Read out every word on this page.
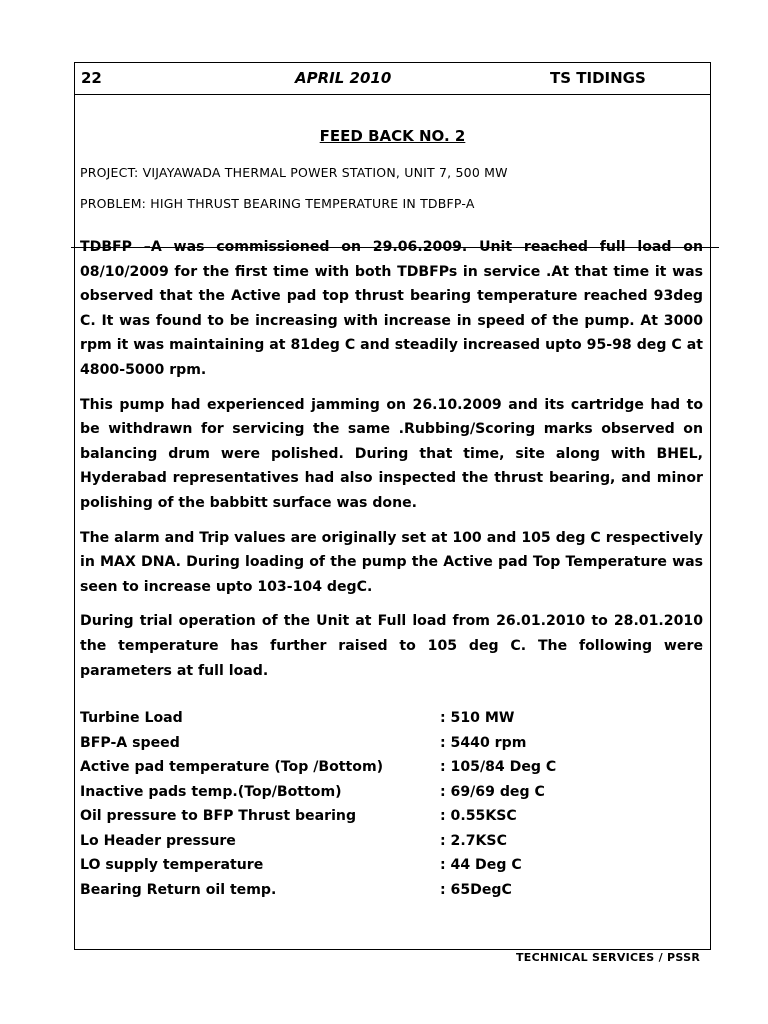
22	APRIL 2010	TS TIDINGS
FEED BACK NO. 2
PROJECT: VIJAYAWADA THERMAL POWER STATION, UNIT 7, 500 MW
PROBLEM: HIGH THRUST BEARING TEMPERATURE IN TDBFP-A

TDBFP –A was commissioned on 29.06.2009. Unit reached full load on 08/10/2009 for the first time with both TDBFPs in service .At that time it was observed that the Active pad top thrust bearing temperature reached 93deg C. It was found to be increasing with increase in speed of the pump. At 3000 rpm it was maintaining at 81deg C and steadily increased upto 95-98 deg C at 4800-5000 rpm.

This pump had experienced jamming on 26.10.2009 and its cartridge had to be withdrawn for servicing the same .Rubbing/Scoring marks observed on balancing drum were polished. During that time, site along with BHEL, Hyderabad representatives had also inspected the thrust bearing, and minor polishing of the babbitt surface was done.

The alarm and Trip values are originally set at 100 and 105 deg C respectively in MAX DNA. During loading of the pump the Active pad Top Temperature was seen to increase upto 103-104 degC.

During trial operation of the Unit at Full load from 26.01.2010 to 28.01.2010 the temperature has further raised to 105 deg C. The following were parameters at full load.

Turbine Load	: 510 MW
BFP-A speed	: 5440 rpm
Active pad temperature (Top /Bottom)	: 105/84 Deg C
Inactive pads temp.(Top/Bottom)	: 69/69 deg C
Oil pressure to BFP Thrust bearing	: 0.55KSC
Lo Header pressure	: 2.7KSC
LO supply temperature	: 44 Deg C
Bearing Return oil temp.	: 65DegC
TECHNICAL SERVICES / PSSR
